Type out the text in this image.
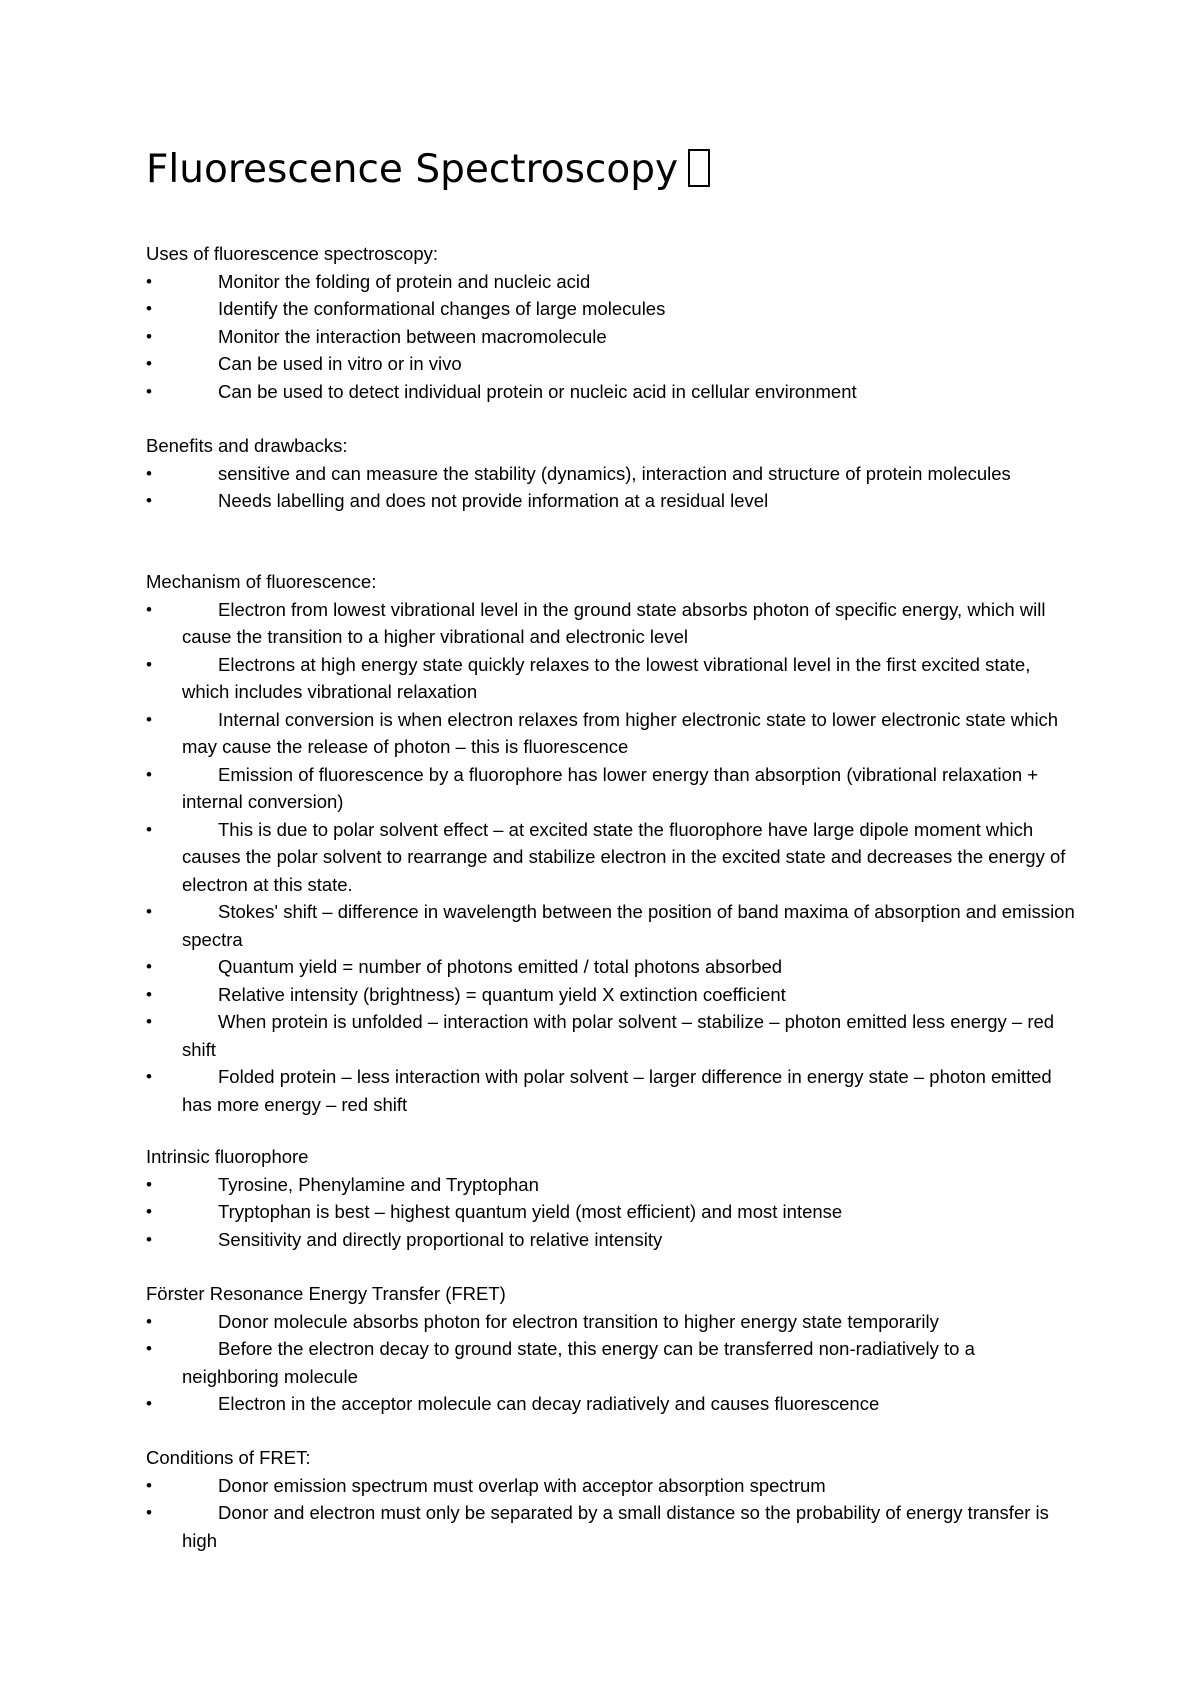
Fluorescence Spectroscopy
Uses of fluorescence spectroscopy:
•	Monitor the folding of protein and nucleic acid
•	Identify the conformational changes of large molecules
•	Monitor the interaction between macromolecule
•	Can be used in vitro or in vivo
•	Can be used to detect individual protein or nucleic acid in cellular environment
Benefits and drawbacks:
•	sensitive and can measure the stability (dynamics), interaction and structure of protein molecules
•	Needs labelling and does not provide information at a residual level
Mechanism of fluorescence:
•	Electron from lowest vibrational level in the ground state absorbs photon of specific energy, which will cause the transition to a higher vibrational and electronic level
•	Electrons at high energy state quickly relaxes to the lowest vibrational level in the first excited state, which includes vibrational relaxation
•	Internal conversion is when electron relaxes from higher electronic state to lower electronic state which may cause the release of photon – this is fluorescence
•	Emission of fluorescence by a fluorophore has lower energy than absorption (vibrational relaxation + internal conversion)
•	This is due to polar solvent effect – at excited state the fluorophore have large dipole moment which causes the polar solvent to rearrange and stabilize electron in the excited state and decreases the energy of electron at this state.
•	Stokes' shift – difference in wavelength between the position of band maxima of absorption and emission spectra
•	Quantum yield = number of photons emitted / total photons absorbed
•	Relative intensity (brightness) = quantum yield X extinction coefficient
•	When protein is unfolded – interaction with polar solvent – stabilize – photon emitted less energy – red shift
•	Folded protein – less interaction with polar solvent – larger difference in energy state – photon emitted has more energy – red shift
Intrinsic fluorophore
•	Tyrosine, Phenylamine and Tryptophan
•	Tryptophan is best – highest quantum yield (most efficient) and most intense
•	Sensitivity and directly proportional to relative intensity
Förster Resonance Energy Transfer (FRET)
•	Donor molecule absorbs photon for electron transition to higher energy state temporarily
•	Before the electron decay to ground state, this energy can be transferred non-radiatively to a neighboring molecule
•	Electron in the acceptor molecule can decay radiatively and causes fluorescence
Conditions of FRET:
•	Donor emission spectrum must overlap with acceptor absorption spectrum
•	Donor and electron must only be separated by a small distance so the probability of energy transfer is high
